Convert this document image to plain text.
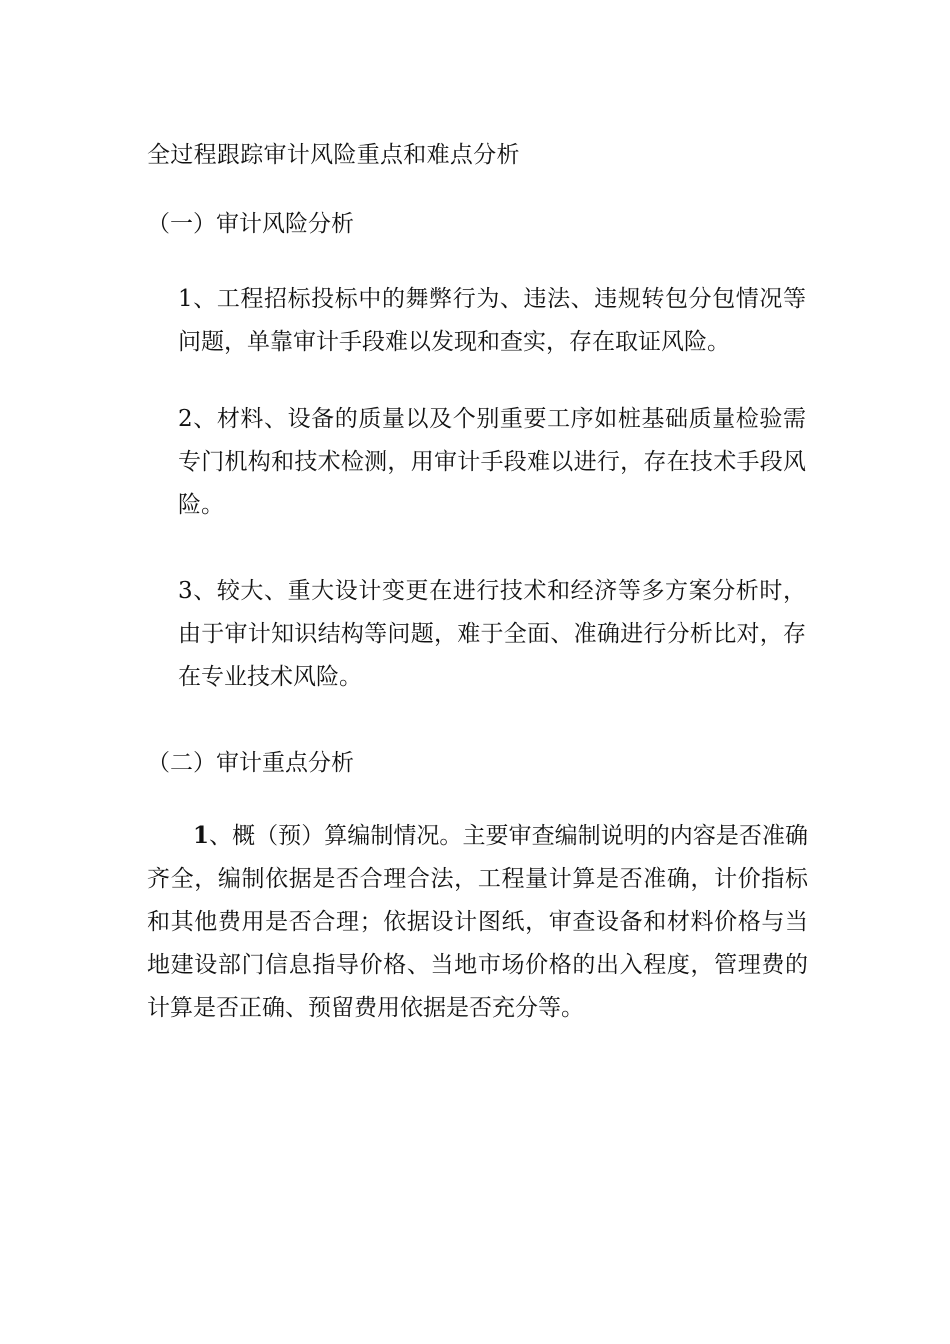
全过程跟踪审计风险重点和难点分析
（一）审计风险分析

1、工程招标投标中的舞弊行为、违法、违规转包分包情况等问题，单靠审计手段难以发现和查实，存在取证风险。

2、材料、设备的质量以及个别重要工序如桩基础质量检验需专门机构和技术检测，用审计手段难以进行，存在技术手段风险。

3、较大、重大设计变更在进行技术和经济等多方案分析时，由于审计知识结构等问题，难于全面、准确进行分析比对，存在专业技术风险。

（二）审计重点分析

1、概（预）算编制情况。主要审查编制说明的内容是否准确齐全，编制依据是否合理合法，工程量计算是否准确，计价指标和其他费用是否合理；依据设计图纸，审查设备和材料价格与当地建设部门信息指导价格、当地市场价格的出入程度，管理费的计算是否正确、预留费用依据是否充分等。
